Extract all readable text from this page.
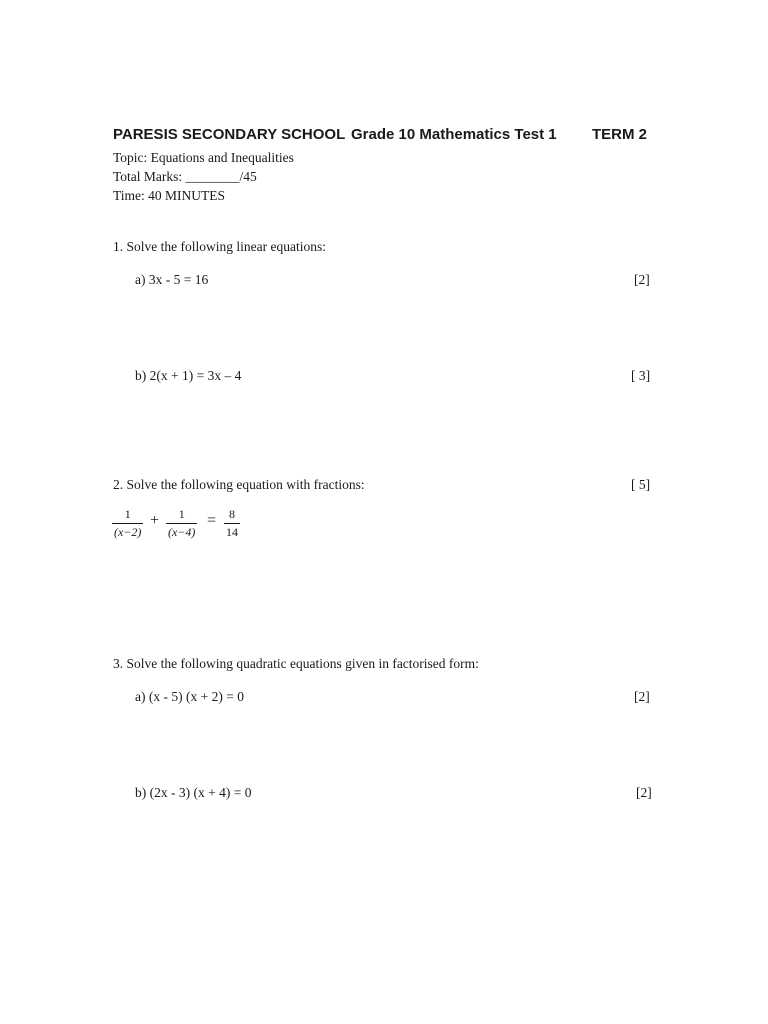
PARESIS SECONDARY SCHOOL Grade 10 Mathematics Test 1 TERM 2
Topic: Equations and Inequalities
Total Marks: ________/45
Time: 40 MINUTES
1. Solve the following linear equations:
a) 3x - 5 = 16	[2]
b) 2(x + 1) = 3x – 4	[ 3]
2. Solve the following equation with fractions:	[ 5]
$\frac{1}{(x-2)} + \frac{1}{(x-4)} = \frac{8}{14}$
3. Solve the following quadratic equations given in factorised form:
a) (x - 5) (x + 2) = 0	[2]
b) (2x - 3) (x + 4) = 0	[2]
